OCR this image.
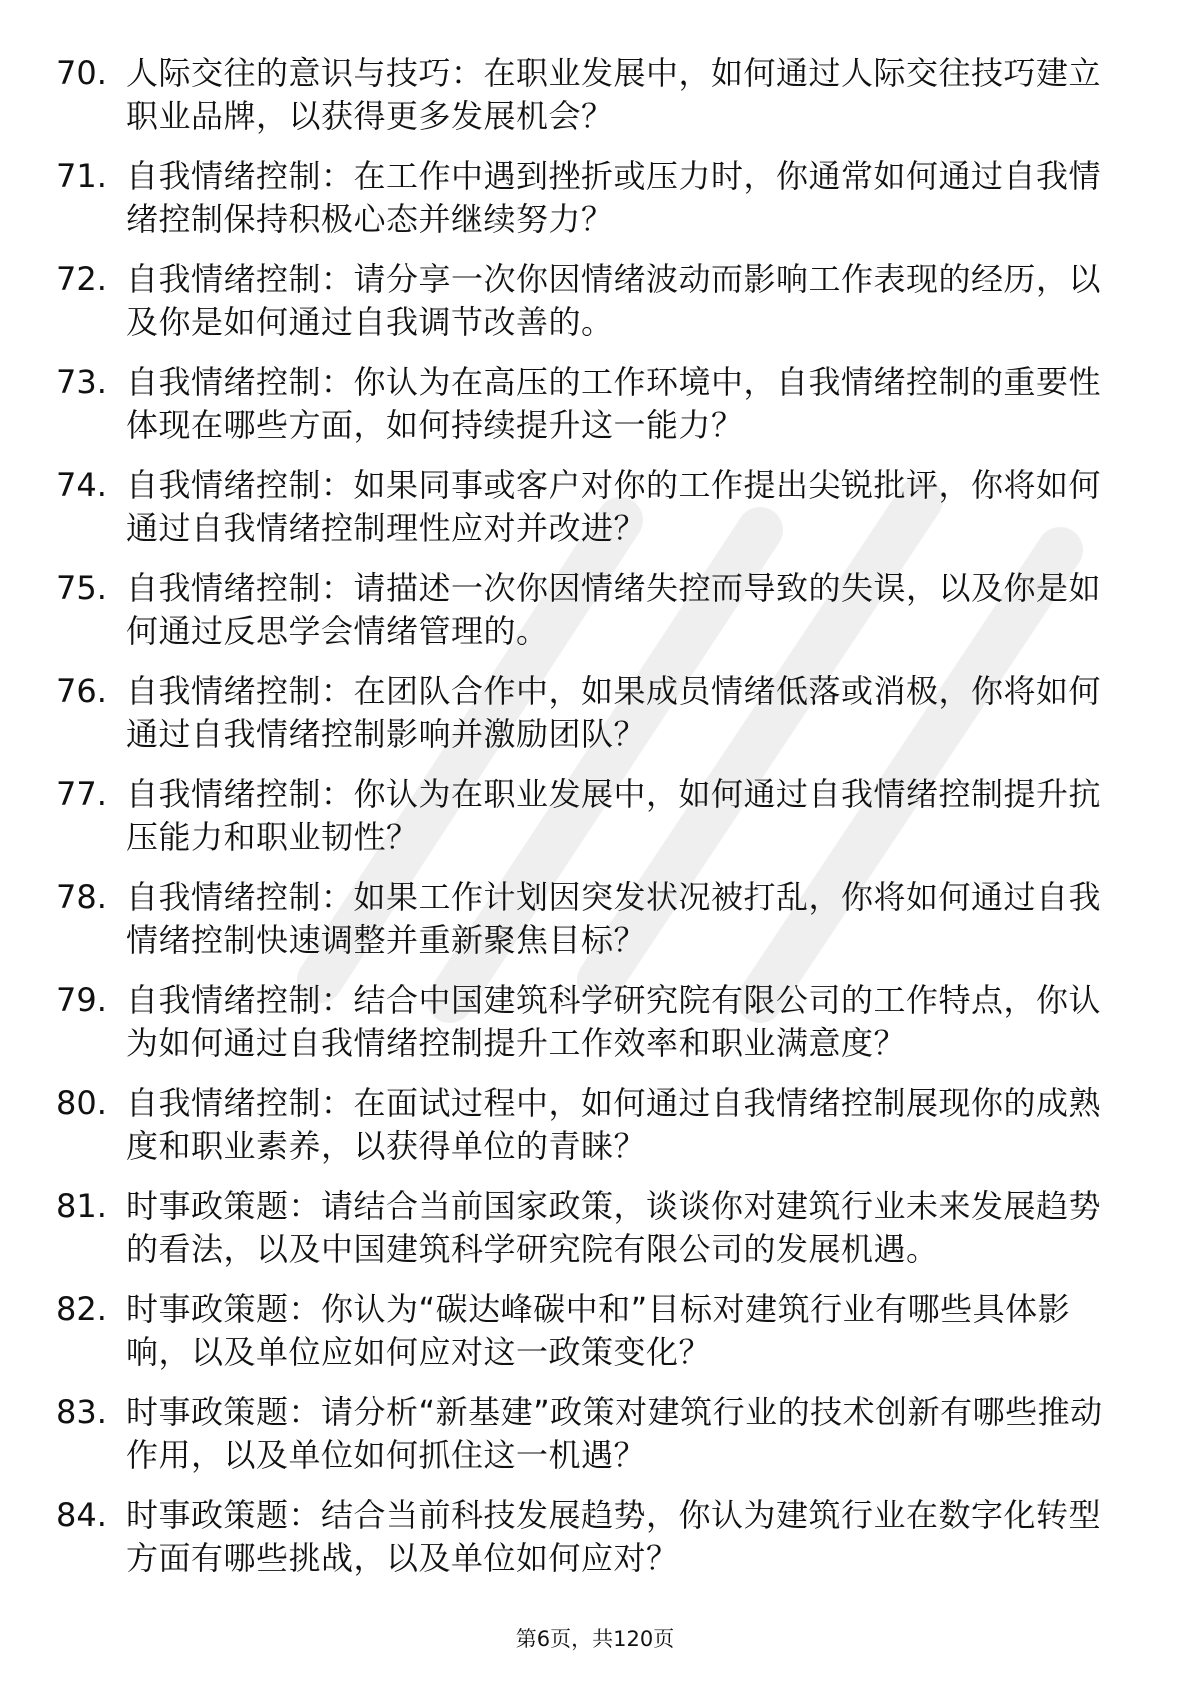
70. 人际交往的意识与技巧：在职业发展中，如何通过人际交往技巧建立职业品牌，以获得更多发展机会？
71. 自我情绪控制：在工作中遇到挫折或压力时，你通常如何通过自我情绪控制保持积极心态并继续努力？
72. 自我情绪控制：请分享一次你因情绪波动而影响工作表现的经历，以及你是如何通过自我调节改善的。
73. 自我情绪控制：你认为在高压的工作环境中，自我情绪控制的重要性体现在哪些方面，如何持续提升这一能力？
74. 自我情绪控制：如果同事或客户对你的工作提出尖锐批评，你将如何通过自我情绪控制理性应对并改进？
75. 自我情绪控制：请描述一次你因情绪失控而导致的失误，以及你是如何通过反思学会情绪管理的。
76. 自我情绪控制：在团队合作中，如果成员情绪低落或消极，你将如何通过自我情绪控制影响并激励团队？
77. 自我情绪控制：你认为在职业发展中，如何通过自我情绪控制提升抗压能力和职业韧性？
78. 自我情绪控制：如果工作计划因突发状况被打乱，你将如何通过自我情绪控制快速调整并重新聚焦目标？
79. 自我情绪控制：结合中国建筑科学研究院有限公司的工作特点，你认为如何通过自我情绪控制提升工作效率和职业满意度？
80. 自我情绪控制：在面试过程中，如何通过自我情绪控制展现你的成熟度和职业素养，以获得单位的青睐？
81. 时事政策题：请结合当前国家政策，谈谈你对建筑行业未来发展趋势的看法，以及中国建筑科学研究院有限公司的发展机遇。
82. 时事政策题：你认为“碳达峰碳中和”目标对建筑行业有哪些具体影响，以及单位应如何应对这一政策变化？
83. 时事政策题：请分析“新基建”政策对建筑行业的技术创新有哪些推动作用，以及单位如何抓住这一机遇？
84. 时事政策题：结合当前科技发展趋势，你认为建筑行业在数字化转型方面有哪些挑战，以及单位如何应对？
第6页，共120页
